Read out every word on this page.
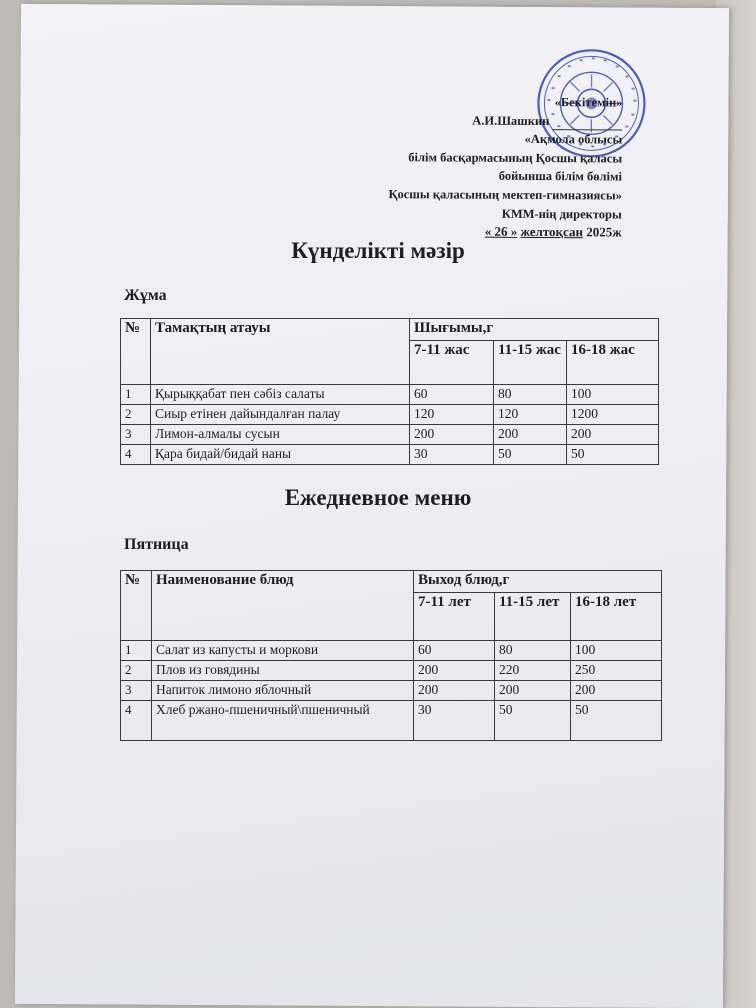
«Бекітемін»
А.И.Шашкин
«Ақмола облысы
білім басқармасының Қосшы қаласы
бойынша білім бөлімі
Қосшы қаласының мектеп-гимназиясы»
КММ-нің директоры
« 26 » желтоқсан 2025ж
Күнделікті мәзір
Жұма
№	Тамақтың атауы	Шығымы,г		
		7-11 жас	11-15 жас	16-18 жас
1	Қырыққабат пен сәбіз салаты	60	80	100
2	Сиыр етінен дайындалған палау	120	120	1200
3	Лимон-алмалы сусын	200	200	200
4	Қара бидай/бидай наны	30	50	50
Ежедневное меню
Пятница
№	Наименование блюд	Выход блюд,г		
		7-11 лет	11-15 лет	16-18 лет
1	Салат из капусты и моркови	60	80	100
2	Плов из говядины	200	220	250
3	Напиток лимоно яблочный	200	200	200
4	Хлеб ржано-пшеничный\пшеничный	30	50	50
